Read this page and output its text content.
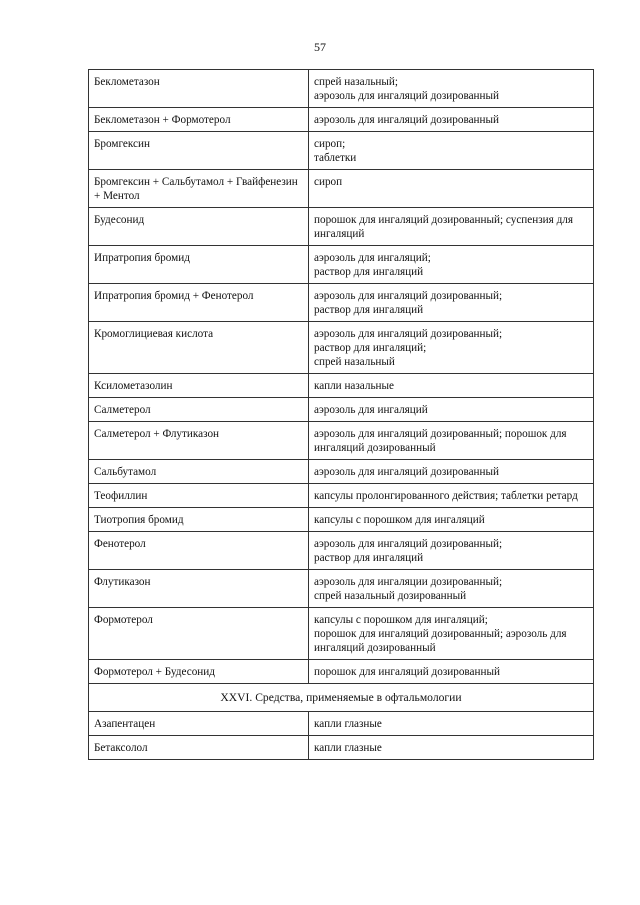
57
Беклометазон	спрей назальный;
аэрозоль для ингаляций дозированный

Беклометазон + Формотерол	аэрозоль для ингаляций дозированный

Бромгексин	сироп;
таблетки

Бромгексин + Сальбутамол + Гвайфенезин + Ментол	сироп

Будесонид	порошок для ингаляций дозированный; суспензия для ингаляций

Ипратропия бромид	аэрозоль для ингаляций;
раствор для ингаляций

Ипратропия бромид + Фенотерол	аэрозоль для ингаляций дозированный;
раствор для ингаляций

Кромоглициевая кислота	аэрозоль для ингаляций дозированный;
раствор для ингаляций;
спрей назальный

Ксилометазолин	капли назальные

Салметерол	аэрозоль для ингаляций

Салметерол + Флутиказон	аэрозоль для ингаляций дозированный; порошок для ингаляций дозированный

Сальбутамол	аэрозоль для ингаляций дозированный

Теофиллин	капсулы пролонгированного действия; таблетки ретард

Тиотропия бромид	капсулы с порошком для ингаляций

Фенотерол	аэрозоль для ингаляций дозированный;
раствор для ингаляций

Флутиказон	аэрозоль для ингаляции дозированный;
спрей назальный дозированный

Формотерол	капсулы с порошком для ингаляций;
порошок для ингаляций дозированный; аэрозоль для ингаляций дозированный

Формотерол + Будесонид	порошок для ингаляций дозированный

XXVI. Средства, применяемые в офтальмологии	
Азапентацен	капли глазные

Бетаксолол	капли глазные
